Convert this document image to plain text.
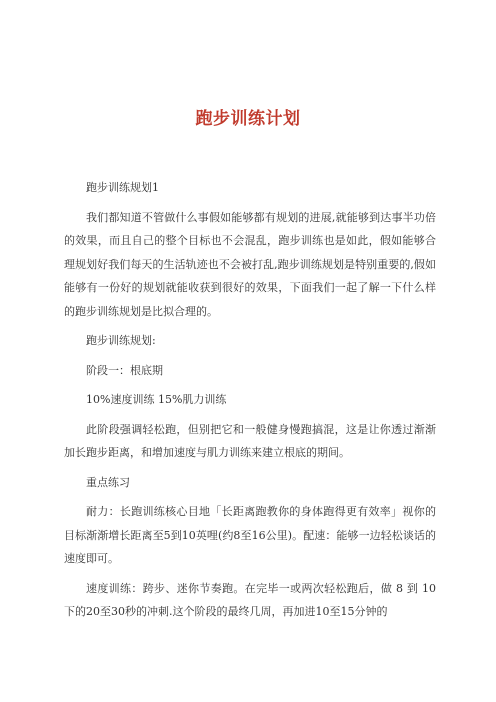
跑步训练计划

跑步训练规划1

我们都知道不管做什么事假如能够都有规划的进展,就能够到达事半功倍的效果，而且自己的整个目标也不会混乱，跑步训练也是如此，假如能够合理规划好我们每天的生活轨迹也不会被打乱,跑步训练规划是特别重要的,假如能够有一份好的规划就能收获到很好的效果，下面我们一起了解一下什么样的跑步训练规划是比拟合理的。

跑步训练规划:

阶段一：根底期

10%速度训练 15%肌力训练

此阶段强调轻松跑，但别把它和一般健身慢跑搞混，这是让你透过渐渐加长跑步距离，和增加速度与肌力训练来建立根底的期间。

重点练习

耐力：长跑训练核心目地「长距离跑教你的身体跑得更有效率」视你的目标渐渐增长距离至5到10英哩(约8至16公里)。配速：能够一边轻松谈话的速度即可。

速度训练：跨步、迷你节奏跑。在完毕一或两次轻松跑后，做 8 到 10下的20至30秒的冲刺.这个阶段的最终几周，再加进10至15分钟的
